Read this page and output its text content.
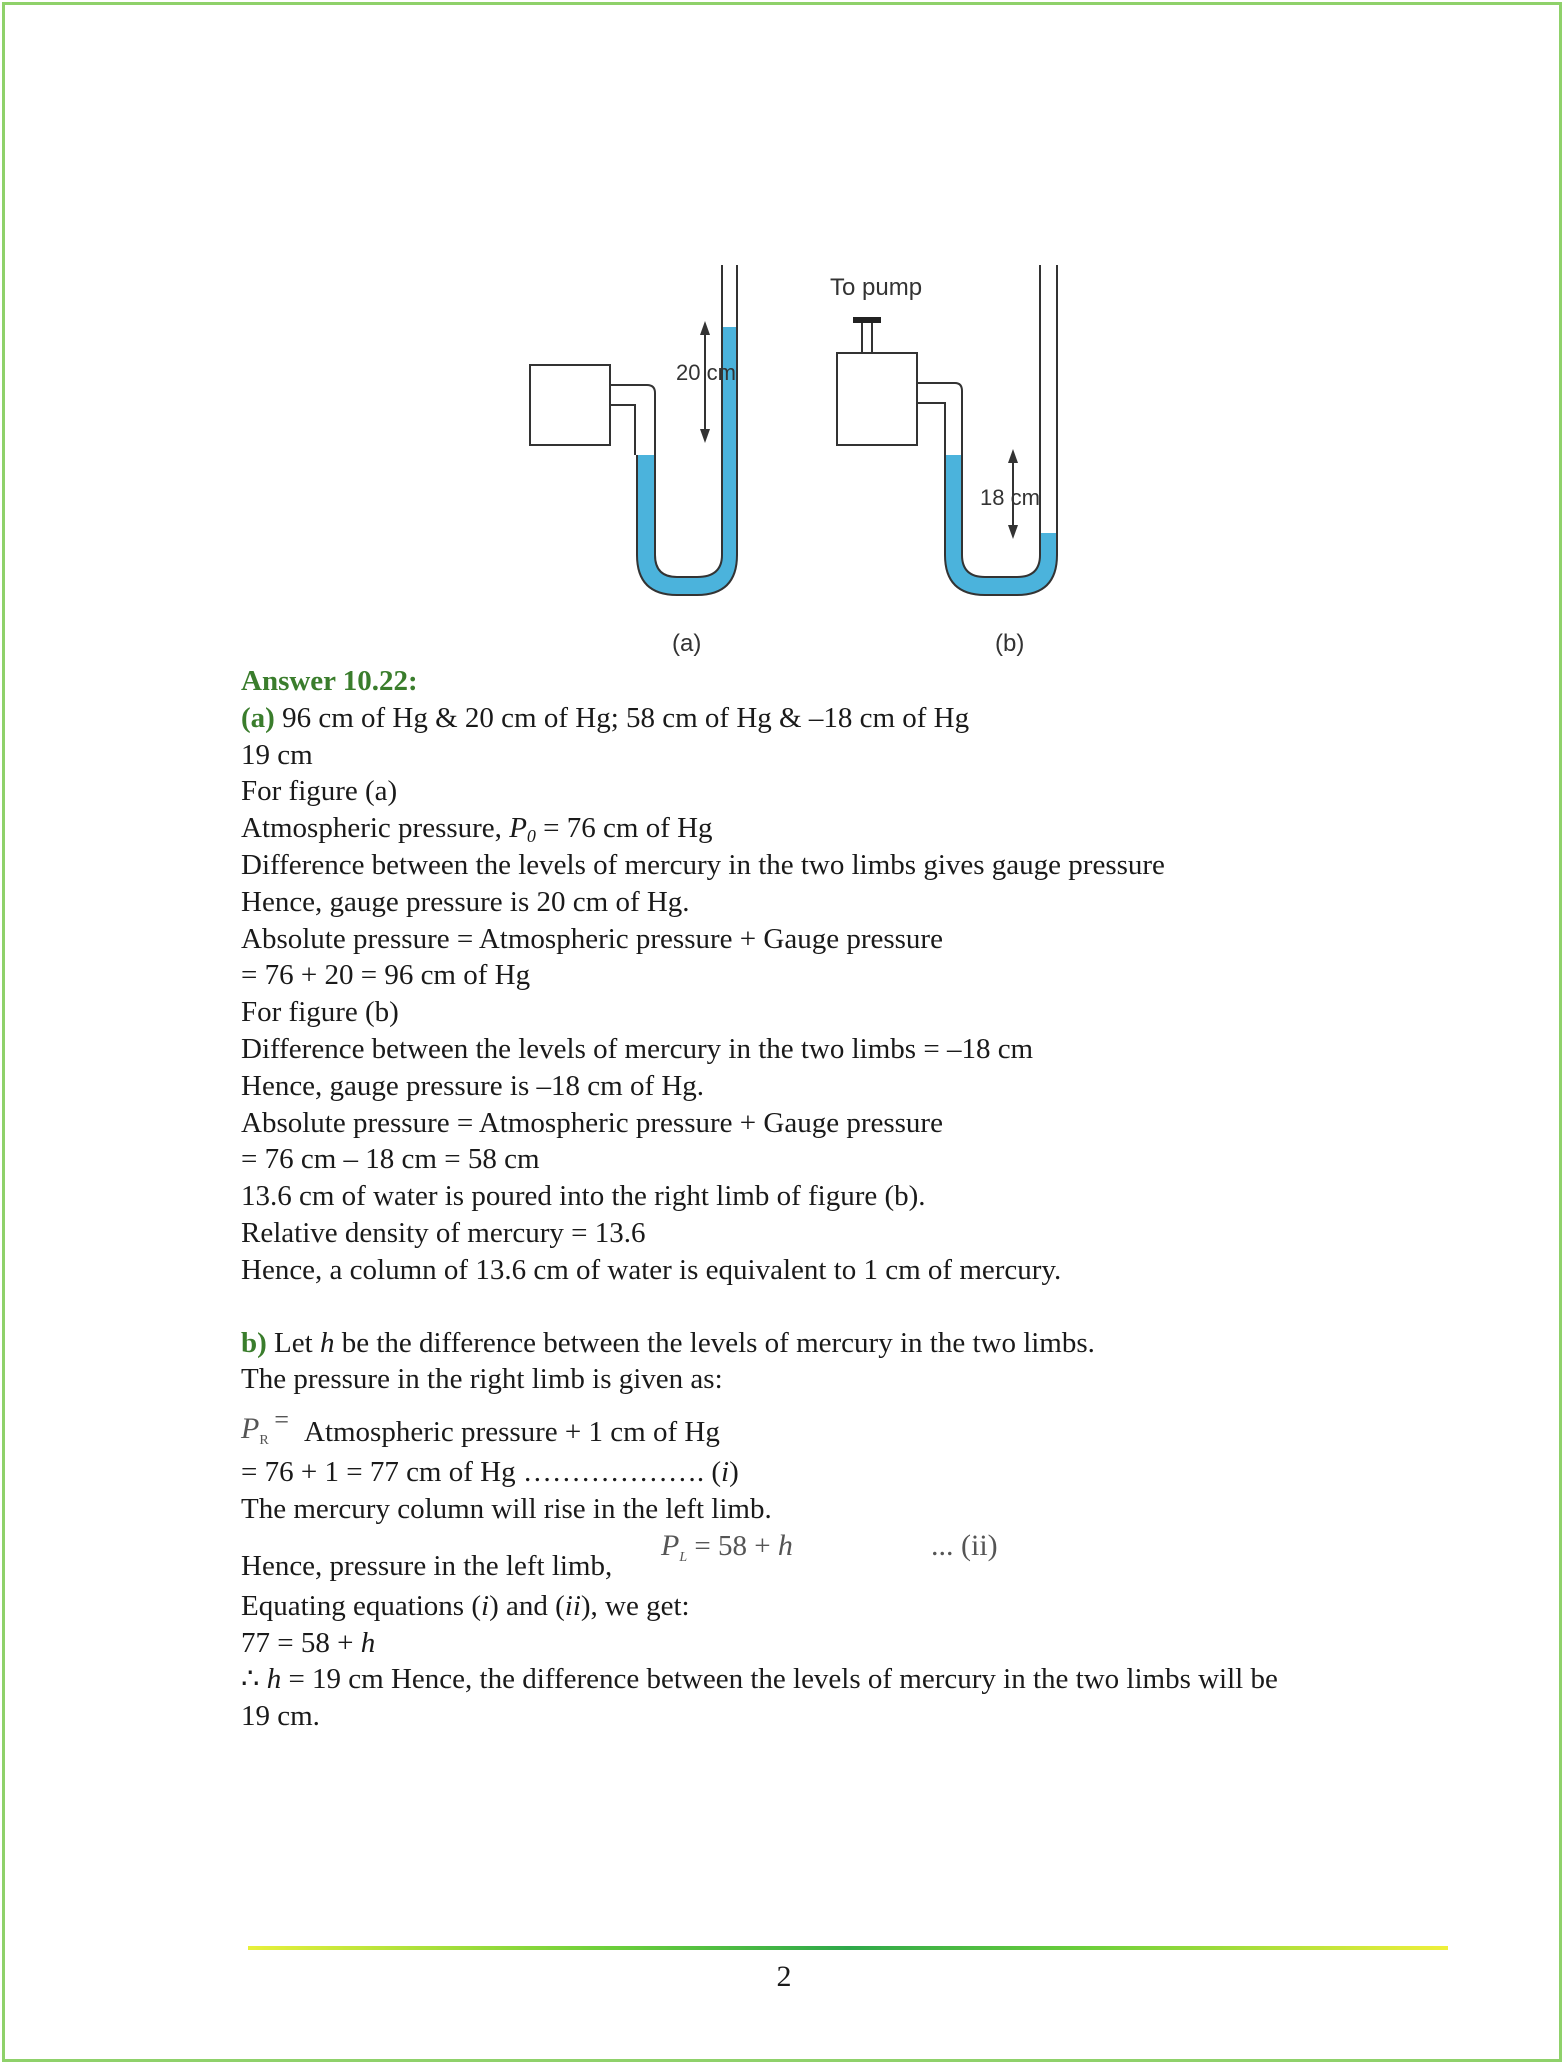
20 cm
To pump
18 cm
(a)	(b)
Answer 10.22:
(a) 96 cm of Hg & 20 cm of Hg; 58 cm of Hg & –18 cm of Hg
19 cm
For figure (a)
Atmospheric pressure, $P_0 = 76$ cm of Hg
Difference between the levels of mercury in the two limbs gives gauge pressure
Hence, gauge pressure is 20 cm of Hg.
Absolute pressure = Atmospheric pressure + Gauge pressure
= 76 + 20 = 96 cm of Hg
For figure (b)
Difference between the levels of mercury in the two limbs = –18 cm
Hence, gauge pressure is –18 cm of Hg.
Absolute pressure = Atmospheric pressure + Gauge pressure
= 76 cm – 18 cm = 58 cm
13.6 cm of water is poured into the right limb of figure (b).
Relative density of mercury = 13.6
Hence, a column of 13.6 cm of water is equivalent to 1 cm of mercury.
b) Let h be the difference between the levels of mercury in the two limbs.
The pressure in the right limb is given as:
$P_R=$ Atmospheric pressure + 1 cm of Hg
= 76 + 1 = 77 cm of Hg ………………. (i)
The mercury column will rise in the left limb.
Hence, pressure in the left limb,
$P_L = 58 + h$	... (ii)
Equating equations (i) and (ii), we get:
77 = 58 + h
∴ h = 19 cm Hence, the difference between the levels of mercury in the two limbs will be
19 cm.
2
